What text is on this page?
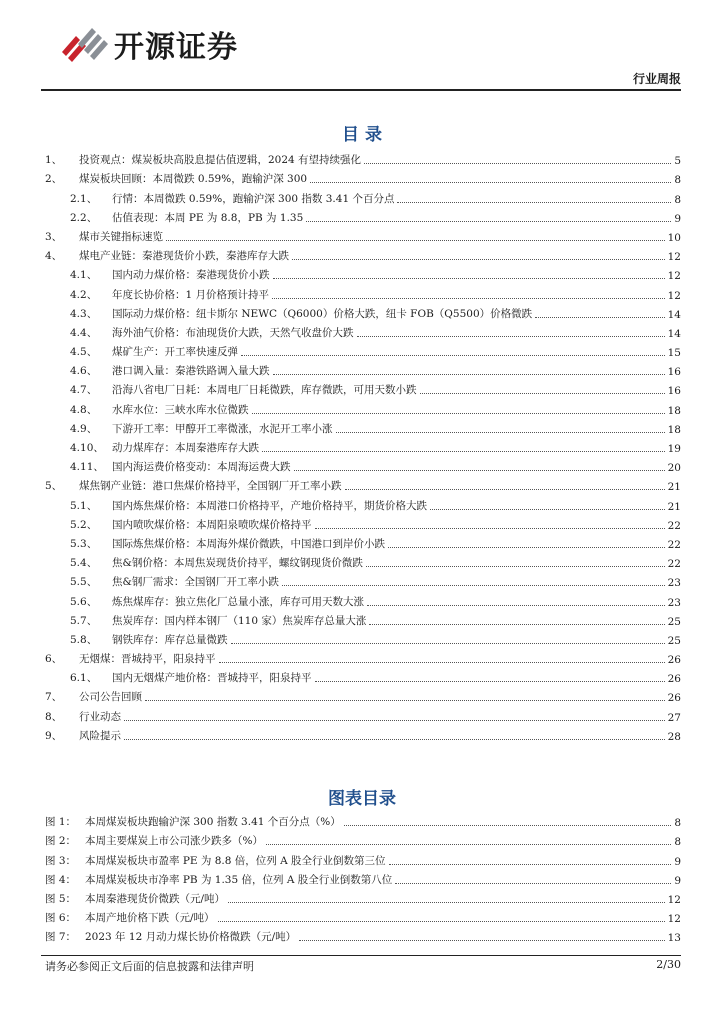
开源证券
行业周报
目 录
1、	投资观点：煤炭板块高股息提估值逻辑，2024 有望持续强化	5
2、	煤炭板块回顾：本周微跌 0.59%，跑输沪深 300	8
2.1、	行情：本周微跌 0.59%，跑输沪深 300 指数 3.41 个百分点	8
2.2、	估值表现：本周 PE 为 8.8，PB 为 1.35	9
3、	煤市关键指标速览	10
4、	煤电产业链：秦港现货价小跌，秦港库存大跌	12
4.1、	国内动力煤价格：秦港现货价小跌	12
4.2、	年度长协价格：1 月价格预计持平	12
4.3、	国际动力煤价格：纽卡斯尔 NEWC（Q6000）价格大跌，纽卡 FOB（Q5500）价格微跌	14
4.4、	海外油气价格：布油现货价大跌，天然气收盘价大跌	14
4.5、	煤矿生产：开工率快速反弹	15
4.6、	港口调入量：秦港铁路调入量大跌	16
4.7、	沿海八省电厂日耗：本周电厂日耗微跌，库存微跌，可用天数小跌	16
4.8、	水库水位：三峡水库水位微跌	18
4.9、	下游开工率：甲醇开工率微涨，水泥开工率小涨	18
4.10、 动力煤库存：本周秦港库存大跌	19
4.11、 国内海运费价格变动：本周海运费大跌	20
5、	煤焦钢产业链：港口焦煤价格持平，全国钢厂开工率小跌	21
5.1、	国内炼焦煤价格：本周港口价格持平，产地价格持平，期货价格大跌	21
5.2、	国内喷吹煤价格：本周阳泉喷吹煤价格持平	22
5.3、	国际炼焦煤价格：本周海外煤价微跌，中国港口到岸价小跌	22
5.4、	焦&钢价格：本周焦炭现货价持平，螺纹钢现货价微跌	22
5.5、	焦&钢厂需求：全国钢厂开工率小跌	23
5.6、	炼焦煤库存：独立焦化厂总量小涨，库存可用天数大涨	23
5.7、	焦炭库存：国内样本钢厂（110 家）焦炭库存总量大涨	25
5.8、	钢铁库存：库存总量微跌	25
6、	无烟煤：晋城持平，阳泉持平	26
6.1、	国内无烟煤产地价格：晋城持平，阳泉持平	26
7、	公司公告回顾	26
8、	行业动态	27
9、	风险提示	28
图表目录
图 1： 本周煤炭板块跑输沪深 300 指数 3.41 个百分点（%）	8
图 2： 本周主要煤炭上市公司涨少跌多（%）	8
图 3： 本周煤炭板块市盈率 PE 为 8.8 倍，位列 A 股全行业倒数第三位	9
图 4： 本周煤炭板块市净率 PB 为 1.35 倍，位列 A 股全行业倒数第八位	9
图 5： 本周秦港现货价微跌（元/吨）	12
图 6： 本周产地价格下跌（元/吨）	12
图 7： 2023 年 12 月动力煤长协价格微跌（元/吨）	13
请务必参阅正文后面的信息披露和法律声明	2/30
